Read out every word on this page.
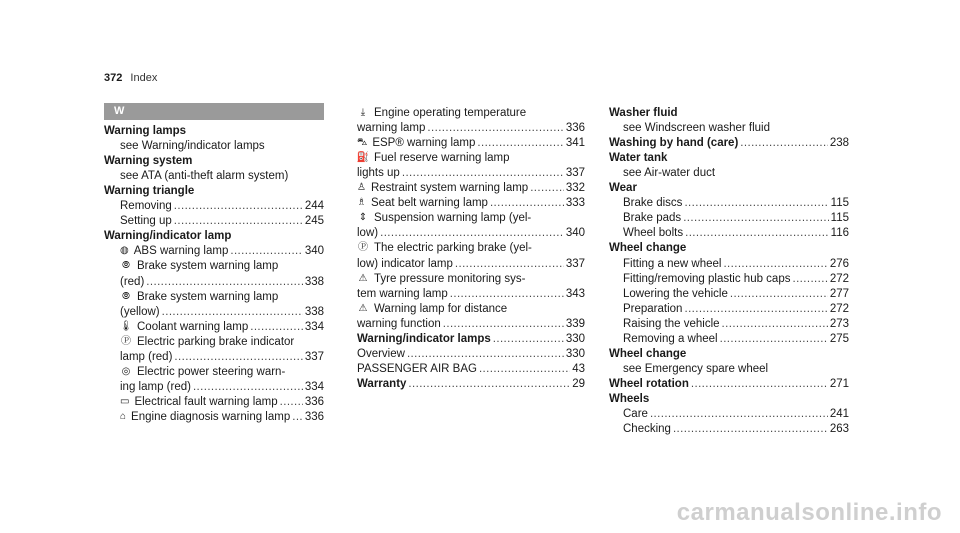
372 Index
W
Warning lamps
see Warning/indicator lamps
Warning system
see ATA (anti-theft alarm system)
Warning triangle
Removing .....	244
Setting up .....	245
Warning/indicator lamp
◍ ABS warning lamp .....	340
⦾ Brake system warning lamp
(red) .....	338
⦾ Brake system warning lamp
(yellow) .....	338
🌡 Coolant warning lamp .....	334
Ⓟ Electric parking brake indicator
lamp (red) .....	337
◎ Electric power steering warn-
ing lamp (red) .....	334
▭ Electrical fault warning lamp ..... 336
⌂ Engine diagnosis warning lamp ..... 336
⤓ Engine operating temperature
warning lamp .....	336
⛍ ESP® warning lamp .....	341
⛽ Fuel reserve warning lamp
lights up .....	337
♙ Restraint system warning lamp .....	332
♗ Seat belt warning lamp .....	333
⇕ Suspension warning lamp (yel-
low) .....	340
Ⓟ The electric parking brake (yel-
low) indicator lamp .....	337
⚠ Tyre pressure monitoring sys-
tem warning lamp .....	343
⚠ Warning lamp for distance
warning function .....	339
Warning/indicator lamps .....	330
Overview .....	330
PASSENGER AIR BAG .....	43
Warranty .....	29
Washer fluid
see Windscreen washer fluid
Washing by hand (care) .....	238
Water tank
see Air-water duct
Wear
Brake discs .....	115
Brake pads .....	115
Wheel bolts .....	116
Wheel change
Fitting a new wheel .....	276
Fitting/removing plastic hub caps .....	272
Lowering the vehicle .....	277
Preparation .....	272
Raising the vehicle .....	273
Removing a wheel .....	275
Wheel change
see Emergency spare wheel
Wheel rotation .....	271
Wheels
Care .....	241
Checking .....	263
carmanualsonline.info
